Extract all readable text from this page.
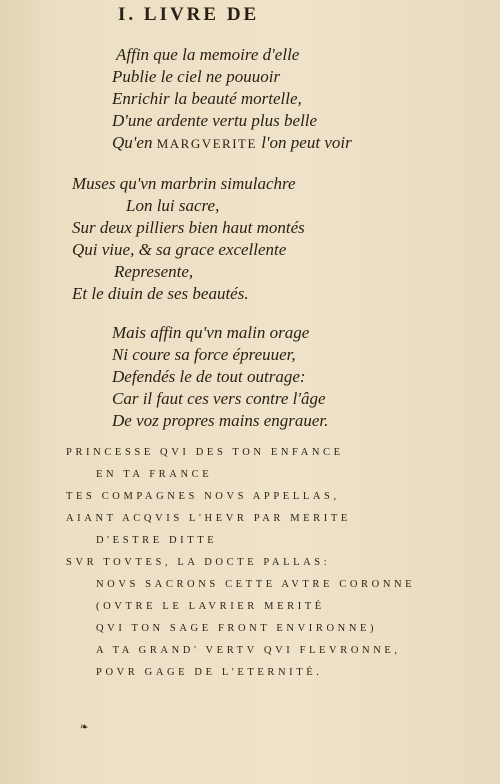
I. LIVRE DE
Affin que la memoire d'elle
Publie le ciel ne pouuoir
Enrichir la beauté mortelle,
D'une ardente vertu plus belle
Qu'en MARGVERITE l'on peut voir
Muses qu'vn marbrin simulachre
Lon lui sacre,
Sur deux pilliers bien haut montés
Qui viue, & sa grace excellente
Represente,
Et le diuin de ses beautés.
Mais affin qu'vn malin orage
Ni coure sa force épreuuer,
Defendés le de tout outrage:
Car il faut ces vers contre l'âge
De voz propres mains engrauer.
PRINCESSE QVI DES TON ENFANCE
EN TA FRANCE
TES COMPAGNES NOVS APPELLAS,
AIANT ACQVIS L'HEVR PAR MERITE
D'ESTRE DITTE
SVR TOVTES, LA DOCTE PALLAS:
NOVS SACRONS CETTE AVTRE CORONNE
(OVTRE LE LAVRIER MERITÉ
QVI TON SAGE FRONT ENVIRONNE)
A TA GRAND' VERTV QVI FLEVRONNE,
POVR GAGE DE L'ETERNITÉ.
❧
